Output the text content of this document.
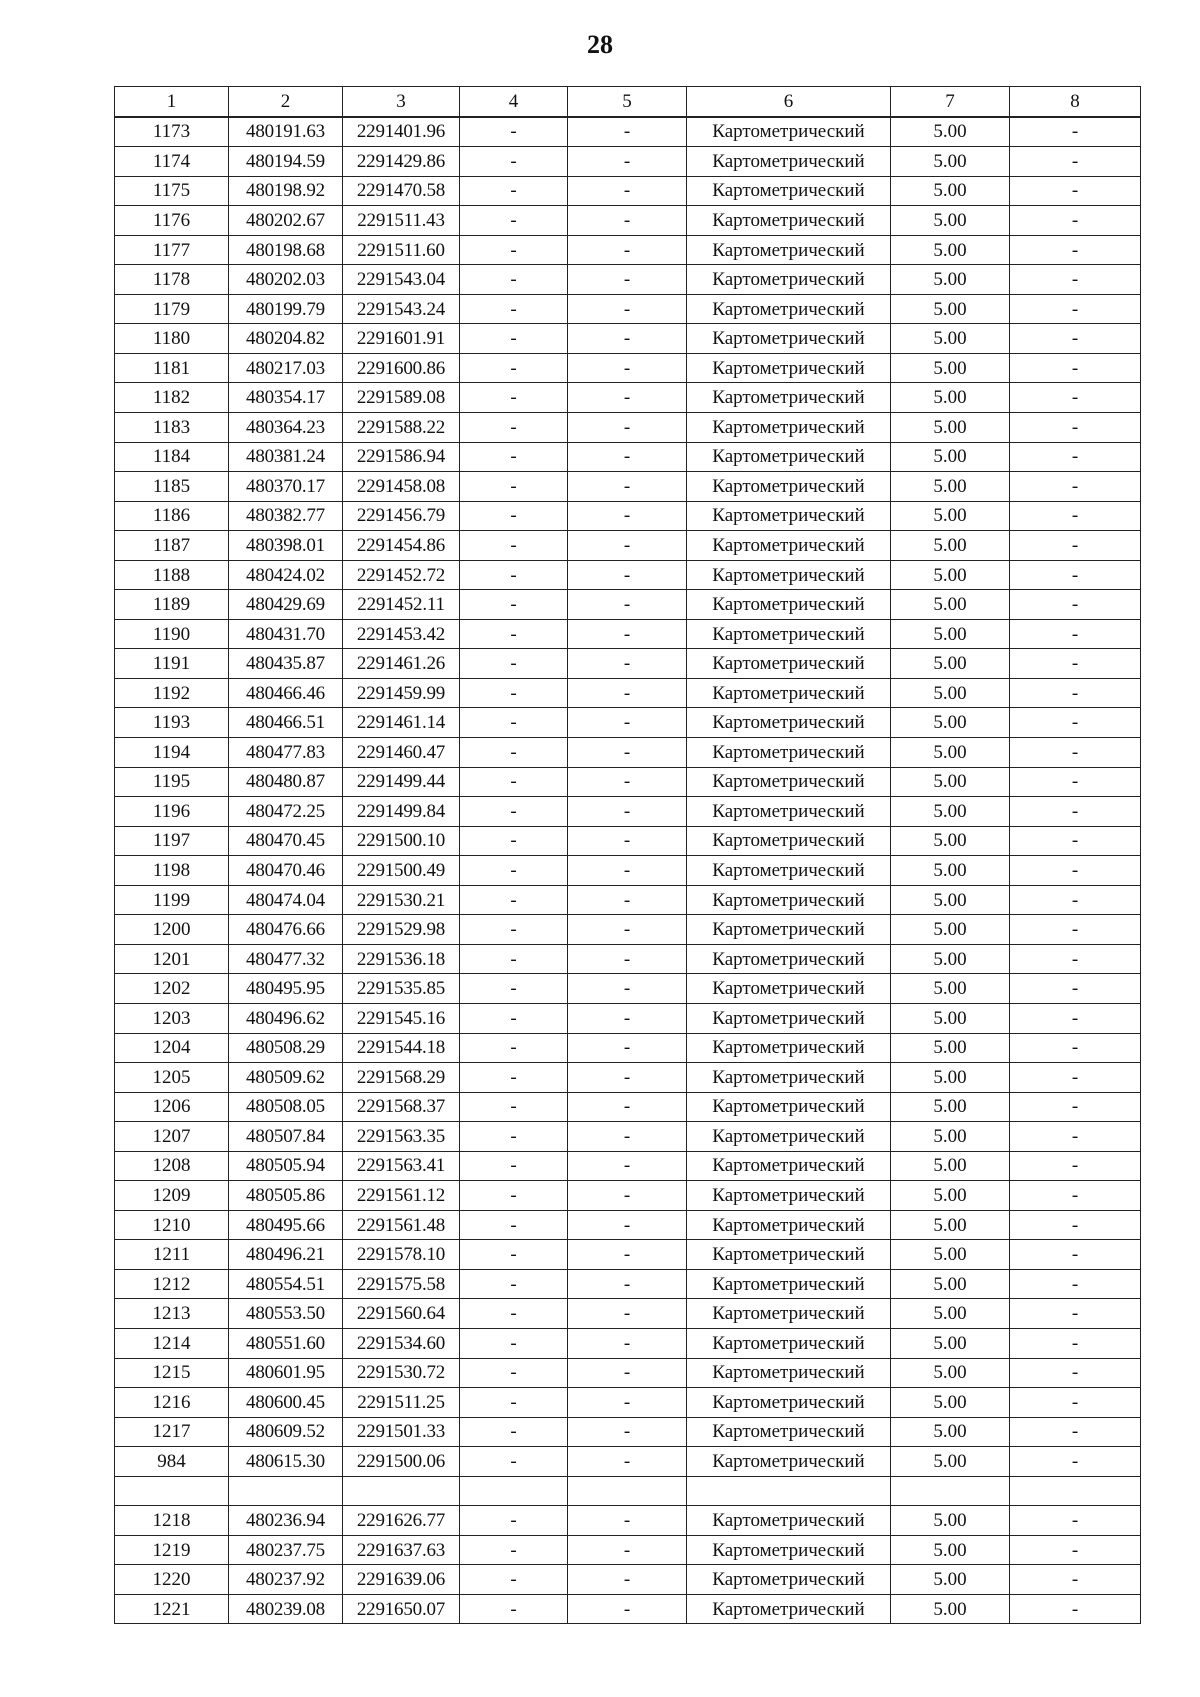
28
1	2	3	4	5	6	7	8
1173	480191.63	2291401.96	-	-	Картометрический	5.00	-
1174	480194.59	2291429.86	-	-	Картометрический	5.00	-
1175	480198.92	2291470.58	-	-	Картометрический	5.00	-
1176	480202.67	2291511.43	-	-	Картометрический	5.00	-
1177	480198.68	2291511.60	-	-	Картометрический	5.00	-
1178	480202.03	2291543.04	-	-	Картометрический	5.00	-
1179	480199.79	2291543.24	-	-	Картометрический	5.00	-
1180	480204.82	2291601.91	-	-	Картометрический	5.00	-
1181	480217.03	2291600.86	-	-	Картометрический	5.00	-
1182	480354.17	2291589.08	-	-	Картометрический	5.00	-
1183	480364.23	2291588.22	-	-	Картометрический	5.00	-
1184	480381.24	2291586.94	-	-	Картометрический	5.00	-
1185	480370.17	2291458.08	-	-	Картометрический	5.00	-
1186	480382.77	2291456.79	-	-	Картометрический	5.00	-
1187	480398.01	2291454.86	-	-	Картометрический	5.00	-
1188	480424.02	2291452.72	-	-	Картометрический	5.00	-
1189	480429.69	2291452.11	-	-	Картометрический	5.00	-
1190	480431.70	2291453.42	-	-	Картометрический	5.00	-
1191	480435.87	2291461.26	-	-	Картометрический	5.00	-
1192	480466.46	2291459.99	-	-	Картометрический	5.00	-
1193	480466.51	2291461.14	-	-	Картометрический	5.00	-
1194	480477.83	2291460.47	-	-	Картометрический	5.00	-
1195	480480.87	2291499.44	-	-	Картометрический	5.00	-
1196	480472.25	2291499.84	-	-	Картометрический	5.00	-
1197	480470.45	2291500.10	-	-	Картометрический	5.00	-
1198	480470.46	2291500.49	-	-	Картометрический	5.00	-
1199	480474.04	2291530.21	-	-	Картометрический	5.00	-
1200	480476.66	2291529.98	-	-	Картометрический	5.00	-
1201	480477.32	2291536.18	-	-	Картометрический	5.00	-
1202	480495.95	2291535.85	-	-	Картометрический	5.00	-
1203	480496.62	2291545.16	-	-	Картометрический	5.00	-
1204	480508.29	2291544.18	-	-	Картометрический	5.00	-
1205	480509.62	2291568.29	-	-	Картометрический	5.00	-
1206	480508.05	2291568.37	-	-	Картометрический	5.00	-
1207	480507.84	2291563.35	-	-	Картометрический	5.00	-
1208	480505.94	2291563.41	-	-	Картометрический	5.00	-
1209	480505.86	2291561.12	-	-	Картометрический	5.00	-
1210	480495.66	2291561.48	-	-	Картометрический	5.00	-
1211	480496.21	2291578.10	-	-	Картометрический	5.00	-
1212	480554.51	2291575.58	-	-	Картометрический	5.00	-
1213	480553.50	2291560.64	-	-	Картометрический	5.00	-
1214	480551.60	2291534.60	-	-	Картометрический	5.00	-
1215	480601.95	2291530.72	-	-	Картометрический	5.00	-
1216	480600.45	2291511.25	-	-	Картометрический	5.00	-
1217	480609.52	2291501.33	-	-	Картометрический	5.00	-
984	480615.30	2291500.06	-	-	Картометрический	5.00	-

1218	480236.94	2291626.77	-	-	Картометрический	5.00	-
1219	480237.75	2291637.63	-	-	Картометрический	5.00	-
1220	480237.92	2291639.06	-	-	Картометрический	5.00	-
1221	480239.08	2291650.07	-	-	Картометрический	5.00	-
